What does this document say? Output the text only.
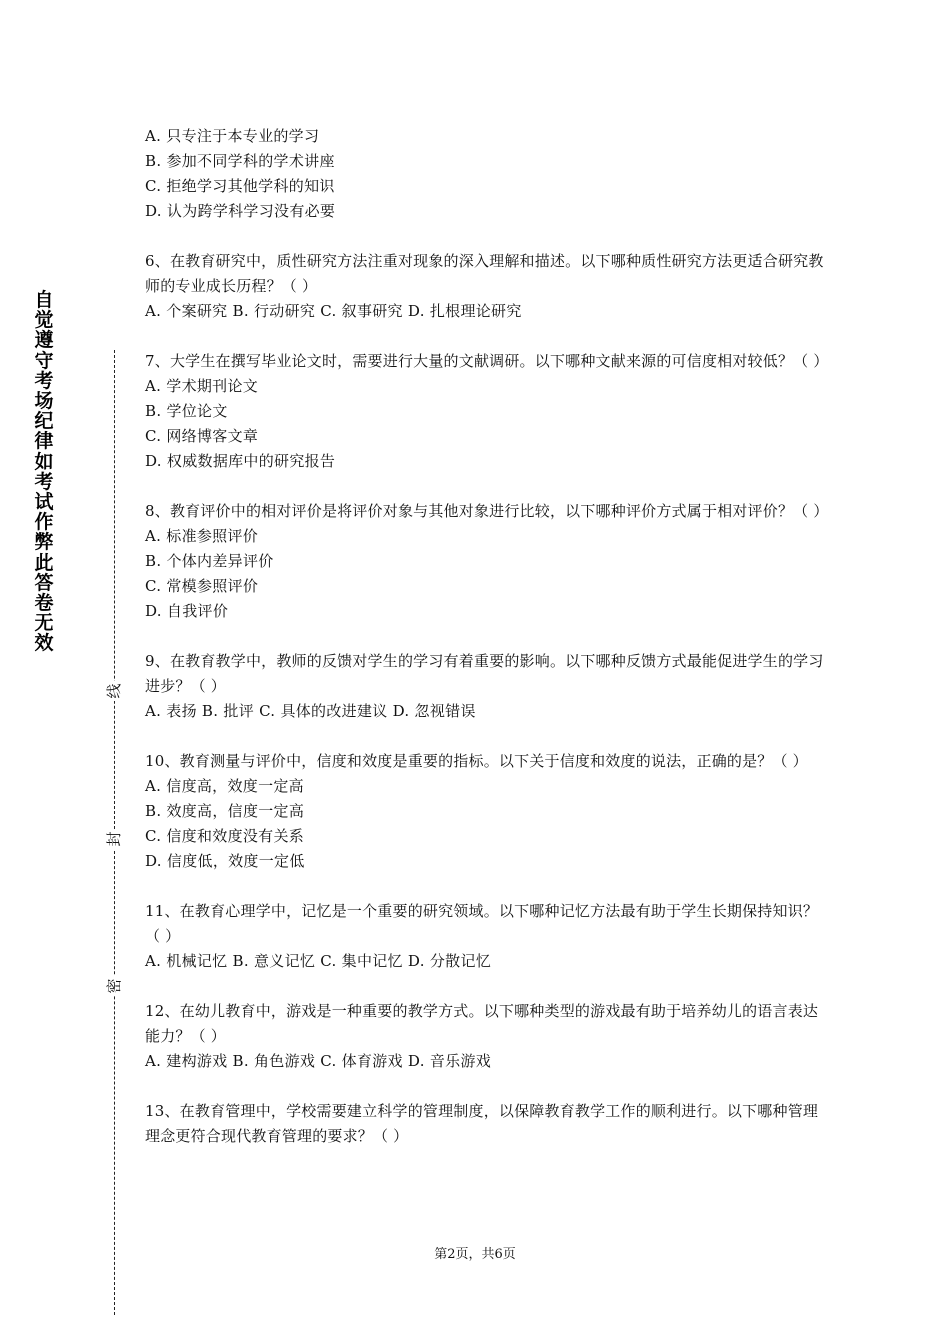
自
觉
遵
守
考
场
纪
律
如
考
试
作
弊
此
答
卷
无
效
线
封
密
A. 只专注于本专业的学习
B. 参加不同学科的学术讲座
C. 拒绝学习其他学科的知识
D. 认为跨学科学习没有必要
6、在教育研究中，质性研究方法注重对现象的深入理解和描述。以下哪种质性研究方法更适合研究教师的专业成长历程？（ ）
A. 个案研究 B. 行动研究 C. 叙事研究 D. 扎根理论研究
7、大学生在撰写毕业论文时，需要进行大量的文献调研。以下哪种文献来源的可信度相对较低？（ ）
A. 学术期刊论文
B. 学位论文
C. 网络博客文章
D. 权威数据库中的研究报告
8、教育评价中的相对评价是将评价对象与其他对象进行比较，以下哪种评价方式属于相对评价？（ ）
A. 标准参照评价
B. 个体内差异评价
C. 常模参照评价
D. 自我评价
9、在教育教学中，教师的反馈对学生的学习有着重要的影响。以下哪种反馈方式最能促进学生的学习进步？（ ）
A. 表扬 B. 批评 C. 具体的改进建议 D. 忽视错误
10、教育测量与评价中，信度和效度是重要的指标。以下关于信度和效度的说法，正确的是？（ ）
A. 信度高，效度一定高
B. 效度高，信度一定高
C. 信度和效度没有关系
D. 信度低，效度一定低
11、在教育心理学中，记忆是一个重要的研究领域。以下哪种记忆方法最有助于学生长期保持知识？（ ）
A. 机械记忆 B. 意义记忆 C. 集中记忆 D. 分散记忆
12、在幼儿教育中，游戏是一种重要的教学方式。以下哪种类型的游戏最有助于培养幼儿的语言表达能力？（ ）
A. 建构游戏 B. 角色游戏 C. 体育游戏 D. 音乐游戏
13、在教育管理中，学校需要建立科学的管理制度，以保障教育教学工作的顺利进行。以下哪种管理理念更符合现代教育管理的要求？（ ）
第2页，共6页
